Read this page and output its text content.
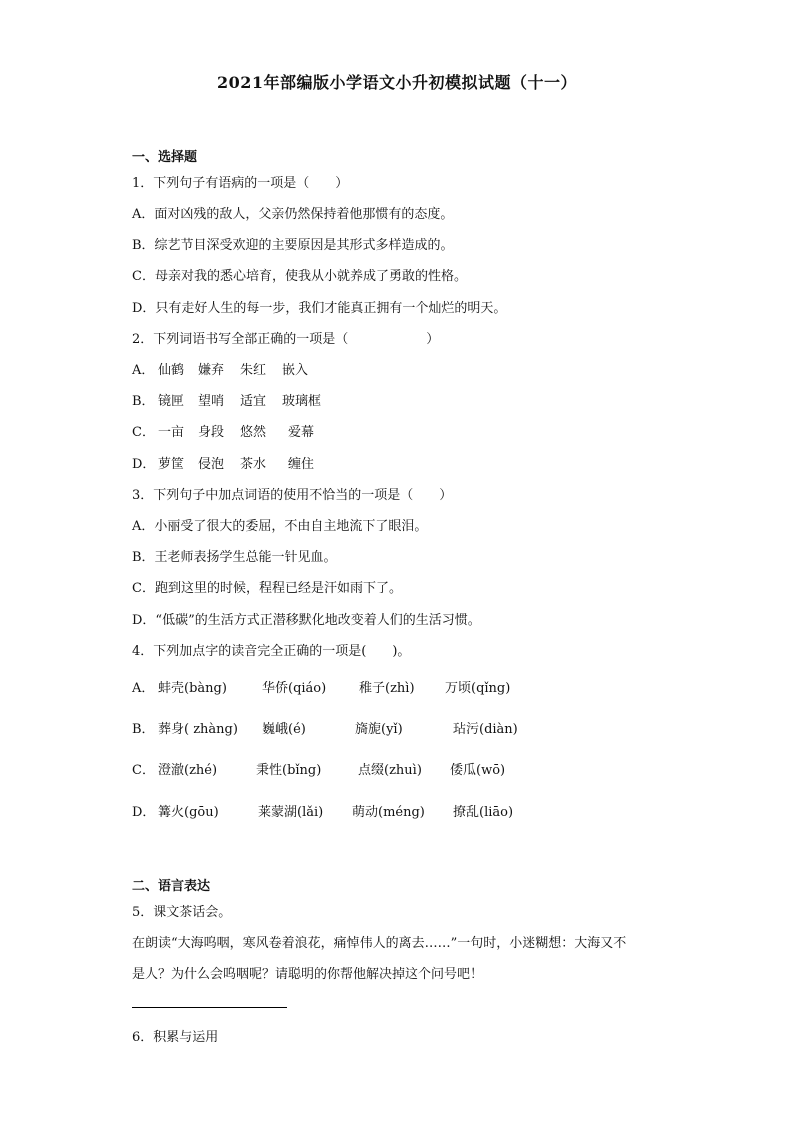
2021年部编版小学语文小升初模拟试题（十一）
一、选择题
1．下列句子有语病的一项是（　　）
A．面对凶残的敌人，父亲仍然保持着他那惯有的态度。
B．综艺节目深受欢迎的主要原因是其形式多样造成的。
C．母亲对我的悉心培育，使我从小就养成了勇敢的性格。
D．只有走好人生的每一步，我们才能真正拥有一个灿烂的明天。
2．下列词语书写全部正确的一项是（　　　　　　）
A． 仙鹤 嫌弃 朱红 嵌入
B． 镜匣 望哨 适宜 玻璃框
C． 一亩 身段 悠然 爱幕
D． 萝筐 侵泡 茶水 缠住
3．下列句子中加点词语的使用不恰当的一项是（　　）
A．小丽受了很大的委屈，不由自主地流下了眼泪。
B．王老师表扬学生总能一针见血。
C．跑到这里的时候，程程已经是汗如雨下了。
D．“低碳”的生活方式正潜移默化地改变着人们的生活习惯。
4．下列加点字的读音完全正确的一项是(　　)。
A． 蚌壳(bàng)	华侨(qiáo)	稚子(zhì) 万顷(qǐng)
B． 葬身( zhàng) 巍峨(é)	旖旎(yǐ)	玷污(diàn)
C． 澄澈(zhé)	秉性(bǐng)	点缀(zhuì) 倭瓜(wō)
D． 篝火(gōu)	莱蒙湖(lǎi) 萌动(méng) 撩乱(liāo)
二、语言表达
5．课文茶话会。
在朗读“大海呜咽，寒风卷着浪花，痛悼伟人的离去……”一句时，小迷糊想：大海又不
是人？为什么会呜咽呢？请聪明的你帮他解决掉这个问号吧！
6．积累与运用
